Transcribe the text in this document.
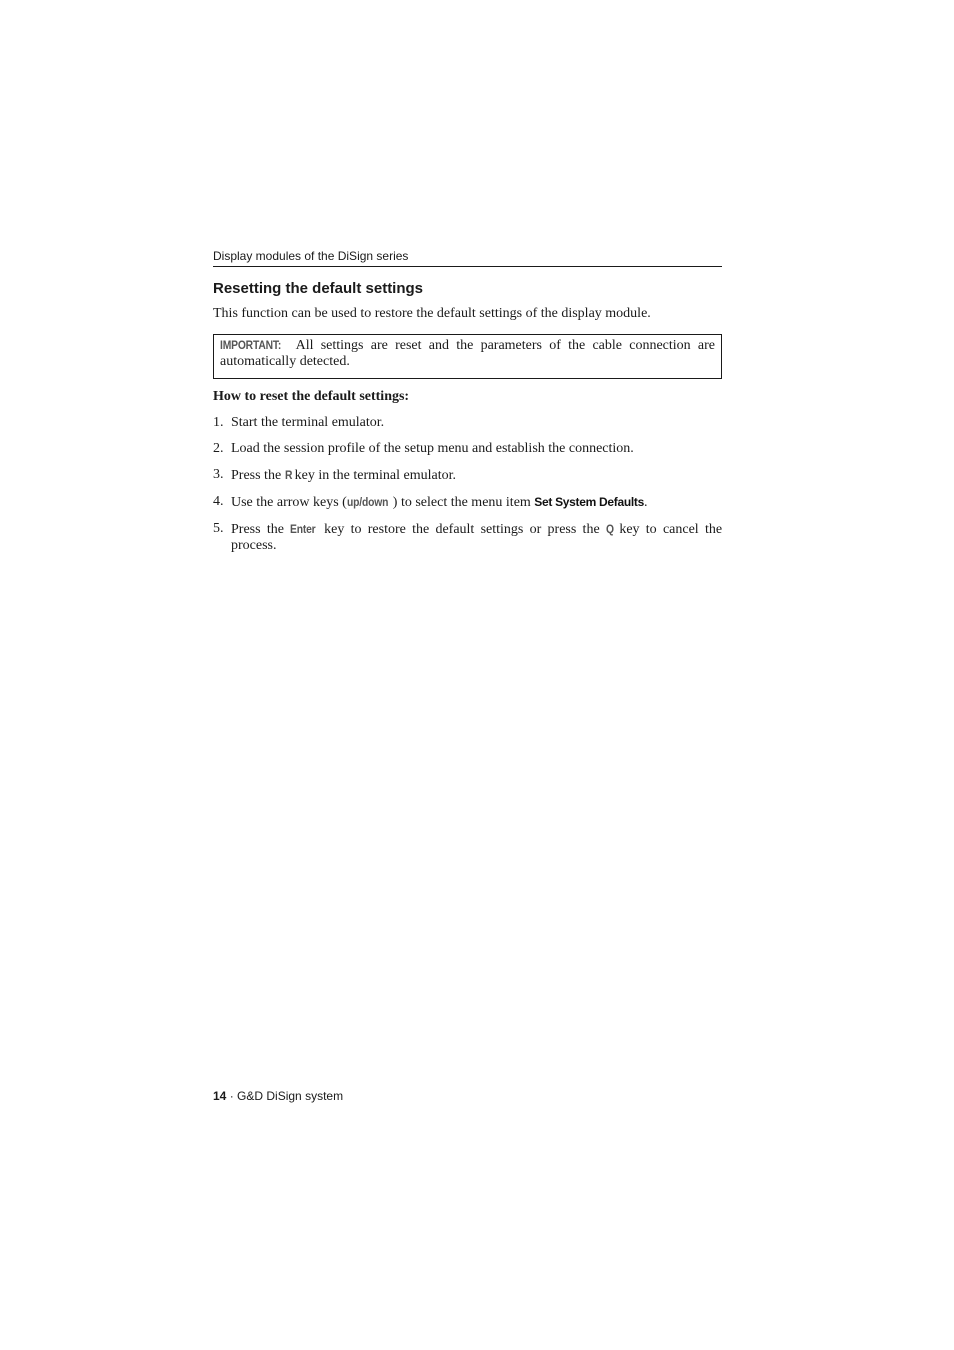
Display modules of the DiSign series
Resetting the default settings

This function can be used to restore the default settings of the display module.

IMPORTANT: All settings are reset and the parameters of the cable connection are automatically detected.

How to reset the default settings:

1. Start the terminal emulator.
2. Load the session profile of the setup menu and establish the connection.
3. Press the R key in the terminal emulator.
4. Use the arrow keys (up/down ) to select the menu item Set System Defaults.
5. Press the Enter key to restore the default settings or press the Q key to cancel the process.
14 · G&D DiSign system
